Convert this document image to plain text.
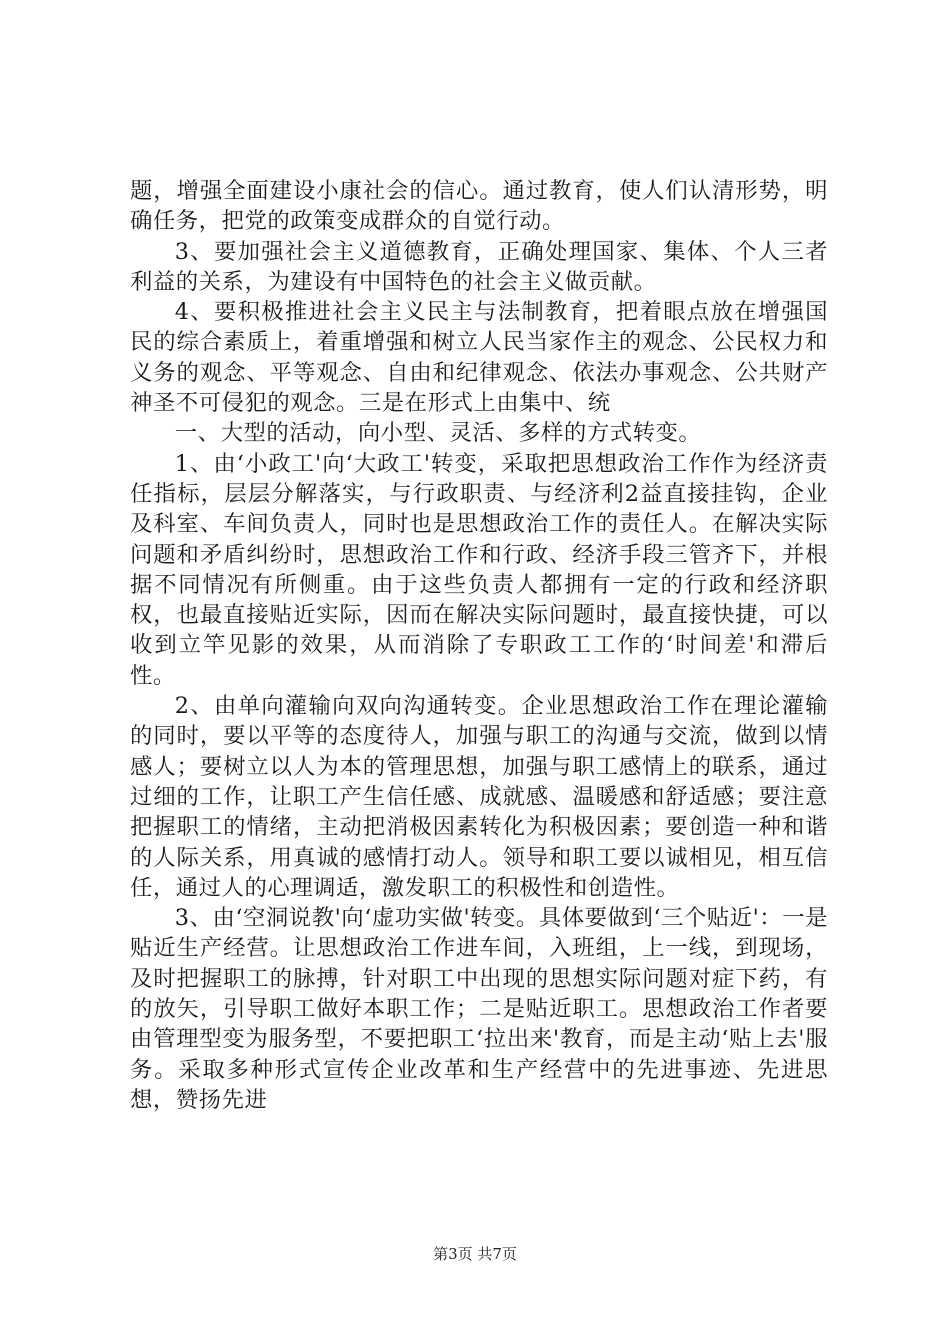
题，增强全面建设小康社会的信心。通过教育，使人们认清形势，明确任务，把党的政策变成群众的自觉行动。

3、要加强社会主义道德教育，正确处理国家、集体、个人三者利益的关系，为建设有中国特色的社会主义做贡献。

4、要积极推进社会主义民主与法制教育，把着眼点放在增强国民的综合素质上，着重增强和树立人民当家作主的观念、公民权力和义务的观念、平等观念、自由和纪律观念、依法办事观念、公共财产神圣不可侵犯的观念。三是在形式上由集中、统

一、大型的活动，向小型、灵活、多样的方式转变。

1、由‘小政工'向‘大政工'转变，采取把思想政治工作作为经济责任指标，层层分解落实，与行政职责、与经济利2益直接挂钩，企业及科室、车间负责人，同时也是思想政治工作的责任人。在解决实际问题和矛盾纠纷时，思想政治工作和行政、经济手段三管齐下，并根据不同情况有所侧重。由于这些负责人都拥有一定的行政和经济职权，也最直接贴近实际，因而在解决实际问题时，最直接快捷，可以收到立竿见影的效果，从而消除了专职政工工作的‘时间差'和滞后性。

2、由单向灌输向双向沟通转变。企业思想政治工作在理论灌输的同时，要以平等的态度待人，加强与职工的沟通与交流，做到以情感人；要树立以人为本的管理思想，加强与职工感情上的联系，通过过细的工作，让职工产生信任感、成就感、温暖感和舒适感；要注意把握职工的情绪，主动把消极因素转化为积极因素；要创造一种和谐的人际关系，用真诚的感情打动人。领导和职工要以诚相见，相互信任，通过人的心理调适，激发职工的积极性和创造性。

3、由‘空洞说教'向‘虚功实做'转变。具体要做到‘三个贴近'：一是贴近生产经营。让思想政治工作进车间，入班组，上一线，到现场，及时把握职工的脉搏，针对职工中出现的思想实际问题对症下药，有的放矢，引导职工做好本职工作；二是贴近职工。思想政治工作者要由管理型变为服务型，不要把职工‘拉出来'教育，而是主动‘贴上去'服务。采取多种形式宣传企业改革和生产经营中的先进事迹、先进思想，赞扬先进

第3页 共7页
